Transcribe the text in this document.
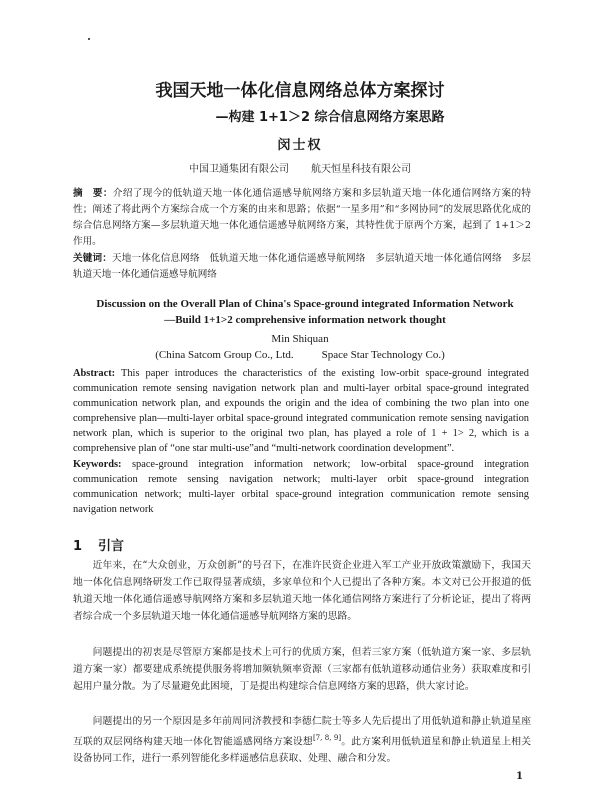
我国天地一体化信息网络总体方案探讨
—构建 1+1＞2 综合信息网络方案思路
闵士权
中国卫通集团有限公司 航天恒星科技有限公司
摘　要：介绍了现今的低轨道天地一体化通信遥感导航网络方案和多层轨道天地一体化通信网络方案的特性；阐述了将此两个方案综合成一个方案的由来和思路；依据“一星多用”和“多网协同”的发展思路优化成的综合信息网络方案—多层轨道天地一体化通信遥感导航网络方案，其特性优于原两个方案，起到了 1+1＞2 作用。
关键词：天地一体化信息网络　低轨道天地一体化通信遥感导航网络　多层轨道天地一体化通信网络　多层轨道天地一体化通信遥感导航网络
Discussion on the Overall Plan of China's Space-ground integrated Information Network
—Build 1+1>2 comprehensive information network thought
Min Shiquan
(China Satcom Group Co., Ltd.	Space Star Technology Co.)
Abstract: This paper introduces the characteristics of the existing low-orbit space-ground integrated communication remote sensing navigation network plan and multi-layer orbital space-ground integrated communication network plan, and expounds the origin and the idea of combining the two plan into one comprehensive plan—multi-layer orbital space-ground integrated communication remote sensing navigation network plan, which is superior to the original two plan, has played a role of 1 + 1> 2, which is a comprehensive plan of “one star multi-use”and “multi-network coordination development”.
Keywords: space-ground integration information network; low-orbital space-ground integration communication remote sensing navigation network; multi-layer orbit space-ground integration communication network; multi-layer orbital space-ground integration communication remote sensing navigation network
1 引言
近年来，在“大众创业，万众创新”的号召下，在准许民资企业进入军工产业开放政策激励下，我国天地一体化信息网络研发工作已取得显著成绩，多家单位和个人已提出了各种方案。本文对已公开报道的低轨道天地一体化通信遥感导航网络方案和多层轨道天地一体化通信网络方案进行了分析论证，提出了将两者综合成一个多层轨道天地一体化通信遥感导航网络方案的思路。
问题提出的初衷是尽管原方案都是技术上可行的优质方案，但若三家方案（低轨道方案一家、多层轨道方案一家）都要建成系统提供服务将增加频轨频率资源（三家都有低轨道移动通信业务）获取难度和引起用户量分散。为了尽量避免此困境，丁是提出构建综合信息网络方案的思路，供大家讨论。
问题提出的另一个原因是多年前周同济教授和李德仁院士等多人先后提出了用低轨道和静止轨道星座互联的双层网络构建天地一体化智能遥感网络方案设想[7, 8, 9]。此方案利用低轨道星和静止轨道星上相关设备协同工作，进行一系列智能化多样遥感信息获取、处理、融合和分发。
1
